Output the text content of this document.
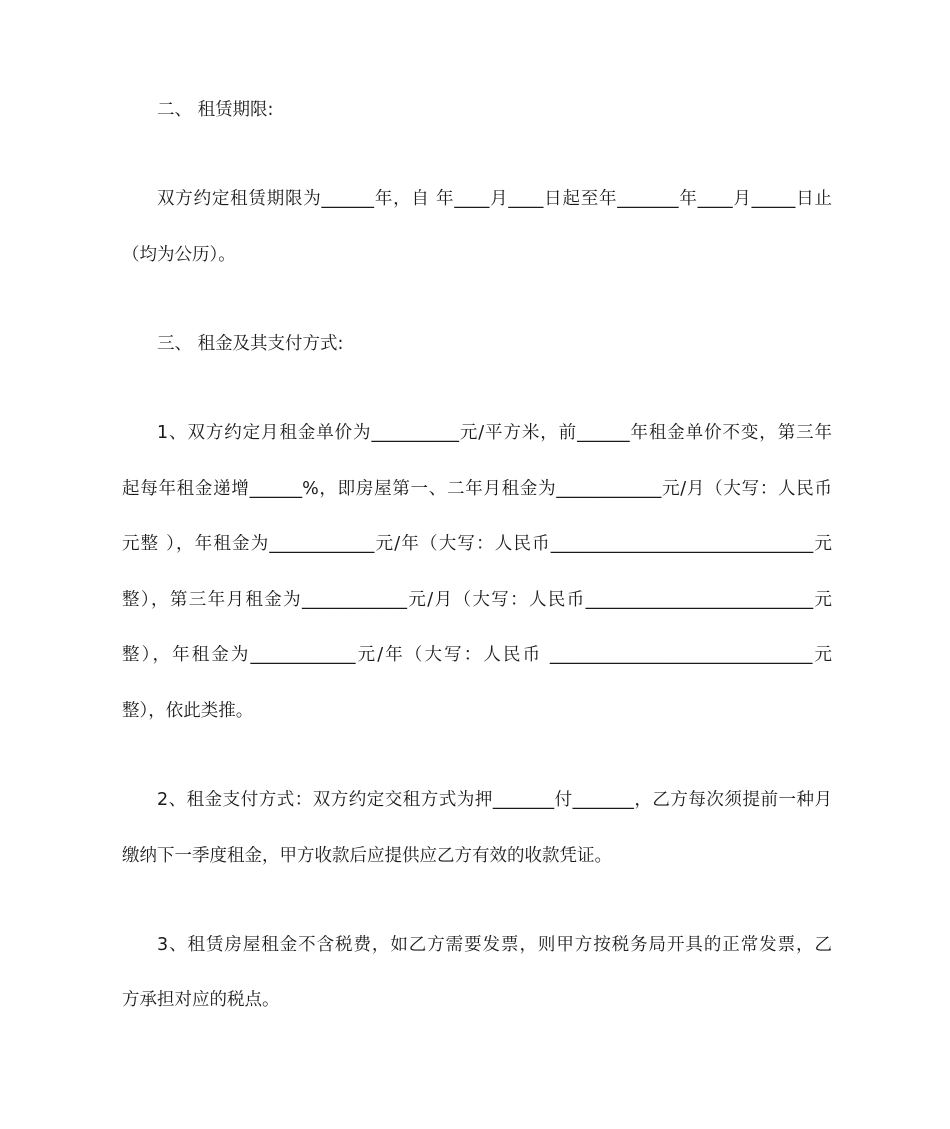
二、 租赁期限:
双方约定租赁期限为______年，自 年____月____日起至年_______年____月_____日止
（均为公历）。
三、 租金及其支付方式:
1、双方约定月租金单价为__________元/平方米，前______年租金单价不变，第三年
起每年租金递增______%，即房屋第一、二年月租金为____________元/月（大写：人民币
元整 ），年租金为____________元/年（大写：人民币______________________________元
整），第三年月租金为____________元/月（大写：人民币__________________________元
整），年租金为____________元/年（大写：人民币 ______________________________元
整），依此类推。
2、租金支付方式：双方约定交租方式为押_______付_______，乙方每次须提前一种月
缴纳下一季度租金，甲方收款后应提供应乙方有效的收款凭证。
3、租赁房屋租金不含税费，如乙方需要发票，则甲方按税务局开具的正常发票，乙
方承担对应的税点。
